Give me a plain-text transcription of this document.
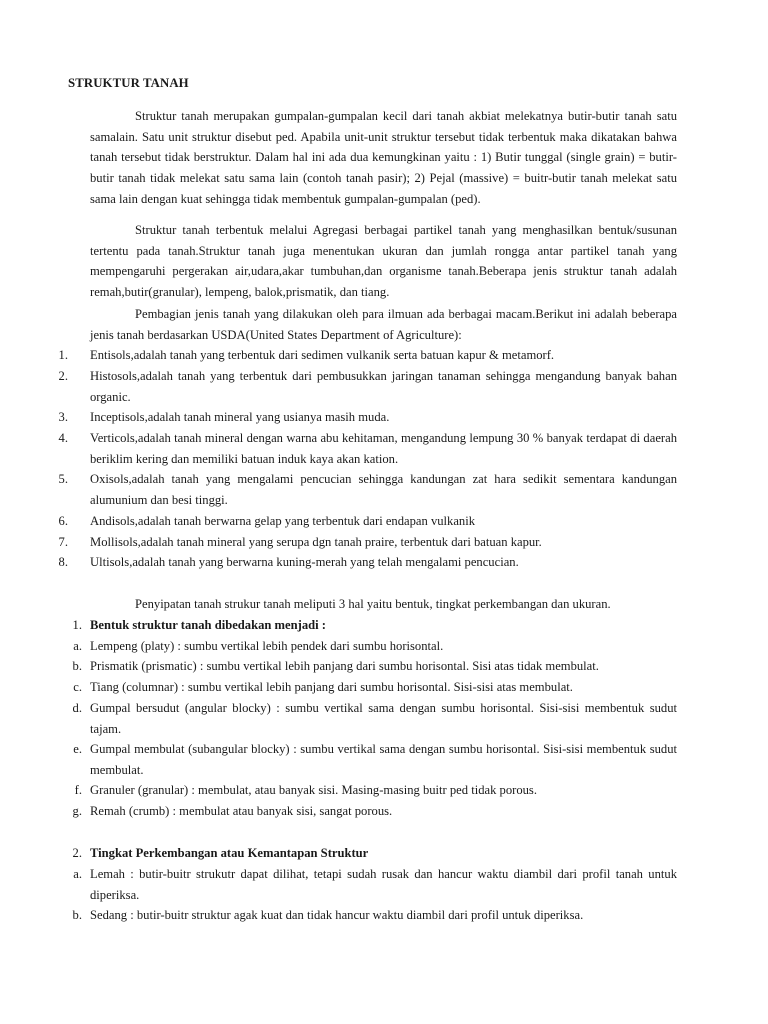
STRUKTUR TANAH
Struktur tanah merupakan gumpalan-gumpalan kecil dari tanah akbiat melekatnya butir-butir tanah satu samalain. Satu unit struktur disebut ped. Apabila unit-unit struktur tersebut tidak terbentuk maka dikatakan bahwa tanah tersebut tidak berstruktur. Dalam hal ini ada dua kemungkinan yaitu : 1) Butir tunggal (single grain) = butir-butir tanah tidak melekat satu sama lain (contoh tanah pasir); 2) Pejal (massive) = buitr-butir tanah melekat satu sama lain dengan kuat sehingga tidak membentuk gumpalan-gumpalan (ped).
Struktur tanah terbentuk melalui Agregasi berbagai partikel tanah yang menghasilkan bentuk/susunan tertentu pada tanah.Struktur tanah juga menentukan ukuran dan jumlah rongga antar partikel tanah yang mempengaruhi pergerakan air,udara,akar tumbuhan,dan organisme tanah.Beberapa jenis struktur tanah adalah remah,butir(granular), lempeng, balok,prismatik, dan tiang.
Pembagian jenis tanah yang dilakukan oleh para ilmuan ada berbagai macam.Berikut ini adalah beberapa jenis tanah berdasarkan USDA(United States Department of Agriculture):
1. Entisols,adalah tanah yang terbentuk dari sedimen vulkanik serta batuan kapur & metamorf.
2. Histosols,adalah tanah yang terbentuk dari pembusukkan jaringan tanaman sehingga mengandung banyak bahan organic.
3. Inceptisols,adalah tanah mineral yang usianya masih muda.
4. Verticols,adalah tanah mineral dengan warna abu kehitaman, mengandung lempung 30 % banyak terdapat di daerah beriklim kering dan memiliki batuan induk kaya akan kation.
5. Oxisols,adalah tanah yang mengalami pencucian sehingga kandungan zat hara sedikit sementara kandungan alumunium dan besi tinggi.
6. Andisols,adalah tanah berwarna gelap yang terbentuk dari endapan vulkanik
7. Mollisols,adalah tanah mineral yang serupa dgn tanah praire, terbentuk dari batuan kapur.
8. Ultisols,adalah tanah yang berwarna kuning-merah yang telah mengalami pencucian.
Penyipatan tanah strukur tanah meliputi 3 hal yaitu bentuk, tingkat perkembangan dan ukuran.
1. Bentuk struktur tanah dibedakan menjadi :
a. Lempeng (platy) : sumbu vertikal lebih pendek dari sumbu horisontal.
b. Prismatik (prismatic) : sumbu vertikal lebih panjang dari sumbu horisontal. Sisi atas tidak membulat.
c. Tiang (columnar) : sumbu vertikal lebih panjang dari sumbu horisontal. Sisi-sisi atas membulat.
d. Gumpal bersudut (angular blocky) : sumbu vertikal sama dengan sumbu horisontal. Sisi-sisi membentuk sudut tajam.
e. Gumpal membulat (subangular blocky) : sumbu vertikal sama dengan sumbu horisontal. Sisi-sisi membentuk sudut membulat.
f. Granuler (granular) : membulat, atau banyak sisi. Masing-masing buitr ped tidak porous.
g. Remah (crumb) : membulat atau banyak sisi, sangat porous.
2. Tingkat Perkembangan atau Kemantapan Struktur
a. Lemah : butir-buitr strukutr dapat dilihat, tetapi sudah rusak dan hancur waktu diambil dari profil tanah untuk diperiksa.
b. Sedang : butir-buitr struktur agak kuat dan tidak hancur waktu diambil dari profil untuk diperiksa.
